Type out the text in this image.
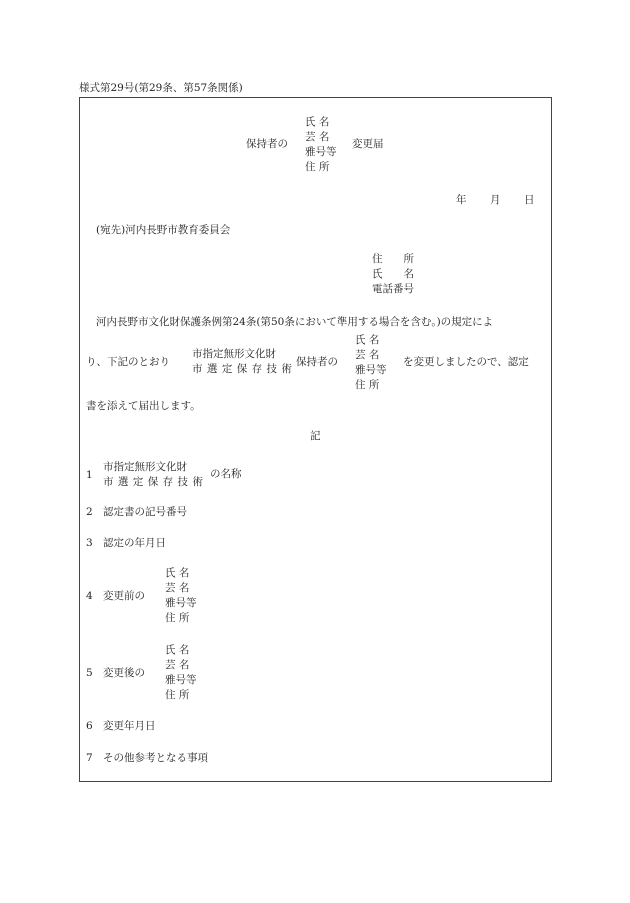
様式第29号(第29条、第57条関係)
保持者の
氏 名
芸 名
雅号等
住 所
変更届
年 月 日
(宛先)河内長野市教育委員会
住　　所
氏　　名
電話番号
河内長野市文化財保護条例第24条(第50条において準用する場合を含む。)の規定によ
り、下記のとおり
市指定無形文化財
市選定保存技術
保持者の
氏 名
芸 名
雅号等
住 所
を変更しましたので、認定
書を添えて届出します。
記
1
市指定無形文化財
市選定保存技術
の名称
2 認定書の記号番号
3 認定の年月日
4 変更前の
氏 名
芸 名
雅号等
住 所
5 変更後の
氏 名
芸 名
雅号等
住 所
6 変更年月日
7 その他参考となる事項
